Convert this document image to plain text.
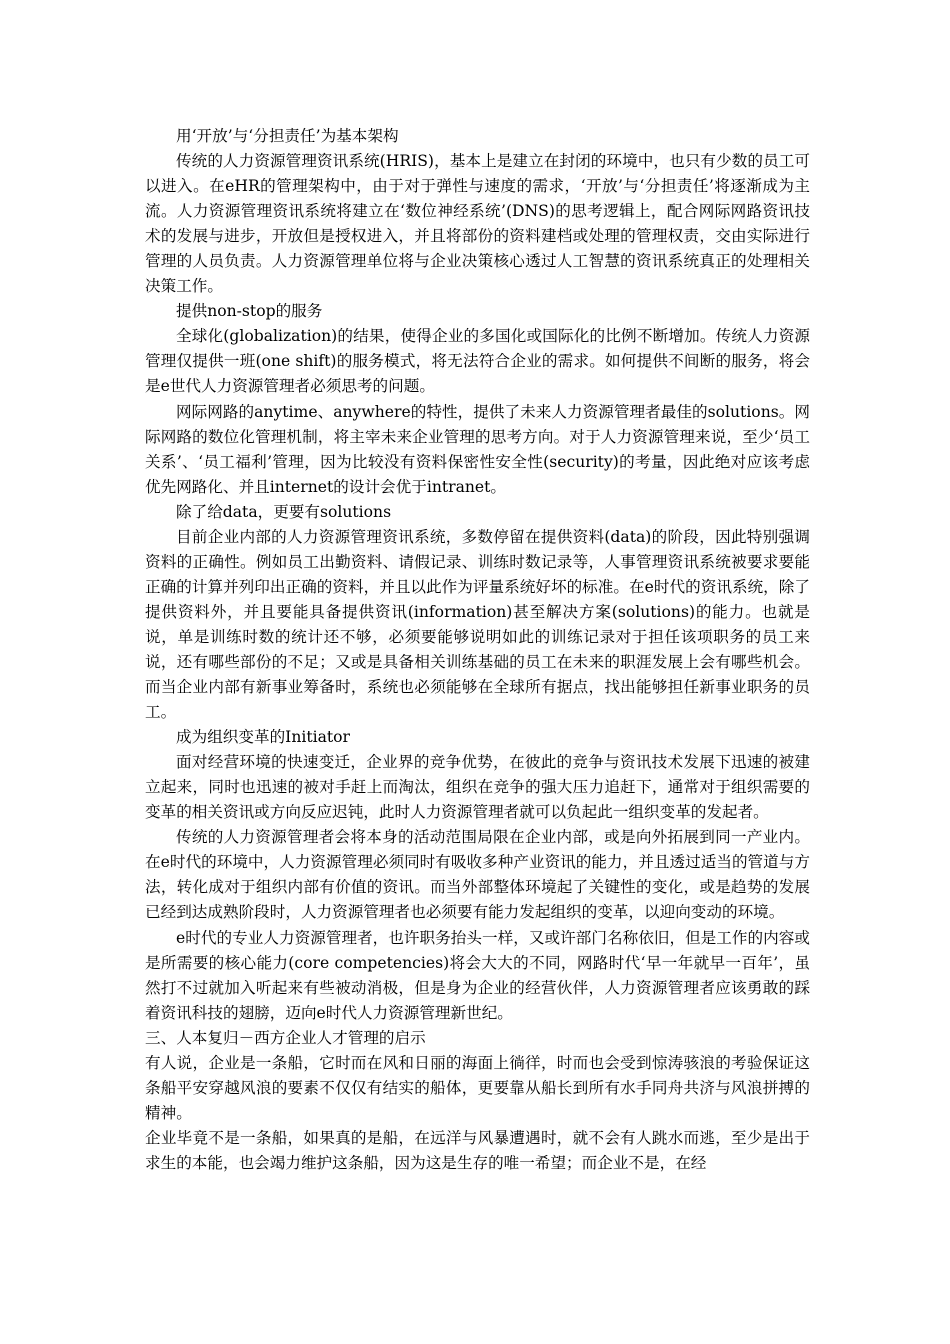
用‘开放’与‘分担责任’为基本架构

传统的人力资源管理资讯系统(HRIS)，基本上是建立在封闭的环境中，也只有少数的员工可以进入。在eHR的管理架构中，由于对于弹性与速度的需求，‘开放’与‘分担责任’将逐渐成为主流。人力资源管理资讯系统将建立在‘数位神经系统’(DNS)的思考逻辑上，配合网际网路资讯技术的发展与进步，开放但是授权进入，并且将部份的资料建档或处理的管理权责，交由实际进行管理的人员负责。人力资源管理单位将与企业决策核心透过人工智慧的资讯系统真正的处理相关决策工作。

提供non-stop的服务

全球化(globalization)的结果，使得企业的多国化或国际化的比例不断增加。传统人力资源管理仅提供一班(one shift)的服务模式，将无法符合企业的需求。如何提供不间断的服务，将会是e世代人力资源管理者必须思考的问题。

网际网路的anytime、anywhere的特性，提供了未来人力资源管理者最佳的solutions。网际网路的数位化管理机制，将主宰未来企业管理的思考方向。对于人力资源管理来说，至少‘员工关系’、‘员工福利’管理，因为比较没有资料保密性安全性(security)的考量，因此绝对应该考虑优先网路化、并且internet的设计会优于intranet。

除了给data，更要有solutions

目前企业内部的人力资源管理资讯系统，多数停留在提供资料(data)的阶段，因此特别强调资料的正确性。例如员工出勤资料、请假记录、训练时数记录等，人事管理资讯系统被要求要能正确的计算并列印出正确的资料，并且以此作为评量系统好坏的标准。在e时代的资讯系统，除了提供资料外，并且要能具备提供资讯(information)甚至解决方案(solutions)的能力。也就是说，单是训练时数的统计还不够，必须要能够说明如此的训练记录对于担任该项职务的员工来说，还有哪些部份的不足；又或是具备相关训练基础的员工在未来的职涯发展上会有哪些机会。而当企业内部有新事业筹备时，系统也必须能够在全球所有据点，找出能够担任新事业职务的员工。

成为组织变革的Initiator

面对经营环境的快速变迁，企业界的竞争优势，在彼此的竞争与资讯技术发展下迅速的被建立起来，同时也迅速的被对手赶上而淘汰，组织在竞争的强大压力追赶下，通常对于组织需要的变革的相关资讯或方向反应迟钝，此时人力资源管理者就可以负起此一组织变革的发起者。

传统的人力资源管理者会将本身的活动范围局限在企业内部，或是向外拓展到同一产业内。在e时代的环境中，人力资源管理必须同时有吸收多种产业资讯的能力，并且透过适当的管道与方法，转化成对于组织内部有价值的资讯。而当外部整体环境起了关键性的变化，或是趋势的发展已经到达成熟阶段时，人力资源管理者也必须要有能力发起组织的变革，以迎向变动的环境。

e时代的专业人力资源管理者，也许职务抬头一样，又或许部门名称依旧，但是工作的内容或是所需要的核心能力(core competencies)将会大大的不同，网路时代‘早一年就早一百年’，虽然打不过就加入听起来有些被动消极，但是身为企业的经营伙伴，人力资源管理者应该勇敢的踩着资讯科技的翅膀，迈向e时代人力资源管理新世纪。

三、人本复归－西方企业人才管理的启示

有人说，企业是一条船，它时而在风和日丽的海面上徜徉，时而也会受到惊涛骇浪的考验保证这条船平安穿越风浪的要素不仅仅有结实的船体，更要靠从船长到所有水手同舟共济与风浪拼搏的精神。

企业毕竟不是一条船，如果真的是船，在远洋与风暴遭遇时，就不会有人跳水而逃，至少是出于求生的本能，也会竭力维护这条船，因为这是生存的唯一希望；而企业不是，在经
